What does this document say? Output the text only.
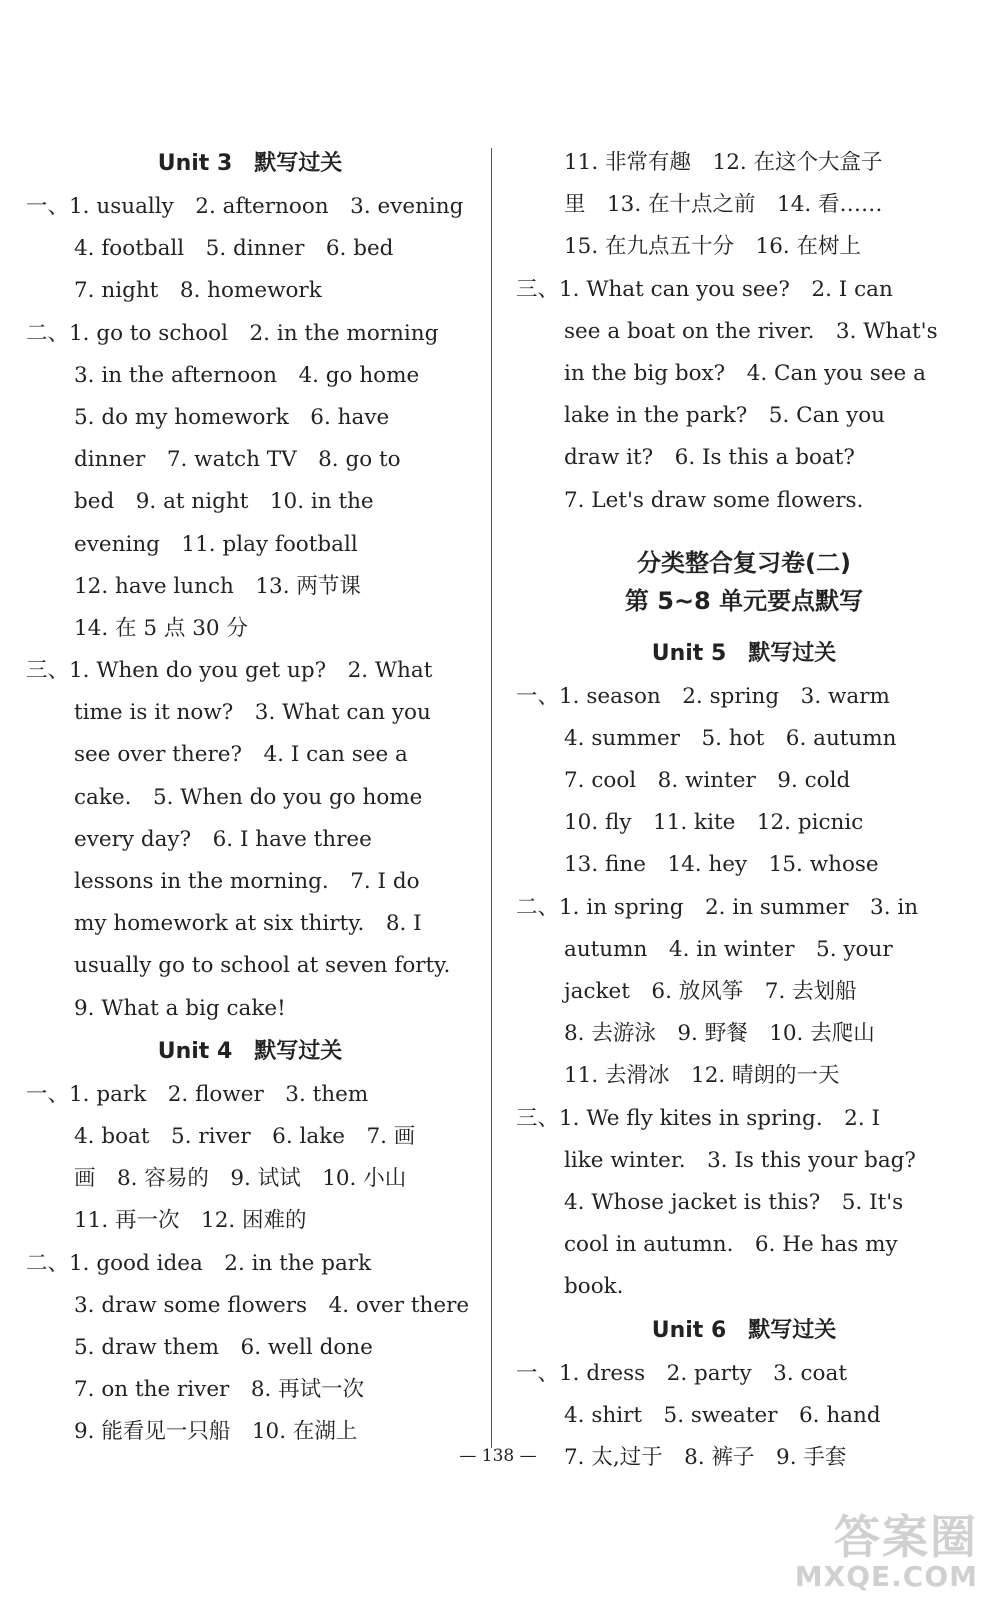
Unit 3　默写过关
一、1. usually　2. afternoon　3. evening
4. football　5. dinner　6. bed
7. night　8. homework
二、1. go to school　2. in the morning
3. in the afternoon　4. go home
5. do my homework　6. have
dinner　7. watch TV　8. go to
bed　9. at night　10. in the
evening　11. play football
12. have lunch　13. 两节课
14. 在 5 点 30 分
三、1. When do you get up?　2. What
time is it now?　3. What can you
see over there?　4. I can see a
cake.　5. When do you go home
every day?　6. I have three
lessons in the morning.　7. I do
my homework at six thirty.　8. I
usually go to school at seven forty.
9. What a big cake!
Unit 4　默写过关
一、1. park　2. flower　3. them
4. boat　5. river　6. lake　7. 画
画　8. 容易的　9. 试试　10. 小山
11. 再一次　12. 困难的
二、1. good idea　2. in the park
3. draw some flowers　4. over there
5. draw them　6. well done
7. on the river　8. 再试一次
9. 能看见一只船　10. 在湖上
11. 非常有趣　12. 在这个大盒子
里　13. 在十点之前　14. 看……
15. 在九点五十分　16. 在树上
三、1. What can you see?　2. I can
see a boat on the river.　3. What's
in the big box?　4. Can you see a
lake in the park?　5. Can you
draw it?　6. Is this a boat?
7. Let's draw some flowers.
分类整合复习卷(二)
第 5~8 单元要点默写
Unit 5　默写过关
一、1. season　2. spring　3. warm
4. summer　5. hot　6. autumn
7. cool　8. winter　9. cold
10. fly　11. kite　12. picnic
13. fine　14. hey　15. whose
二、1. in spring　2. in summer　3. in
autumn　4. in winter　5. your
jacket　6. 放风筝　7. 去划船
8. 去游泳　9. 野餐　10. 去爬山
11. 去滑冰　12. 晴朗的一天
三、1. We fly kites in spring.　2. I
like winter.　3. Is this your bag?
4. Whose jacket is this?　5. It's
cool in autumn.　6. He has my
book.
Unit 6　默写过关
一、1. dress　2. party　3. coat
4. shirt　5. sweater　6. hand
7. 太,过于　8. 裤子　9. 手套
— 138 —
答案圈
MXQE.COM
